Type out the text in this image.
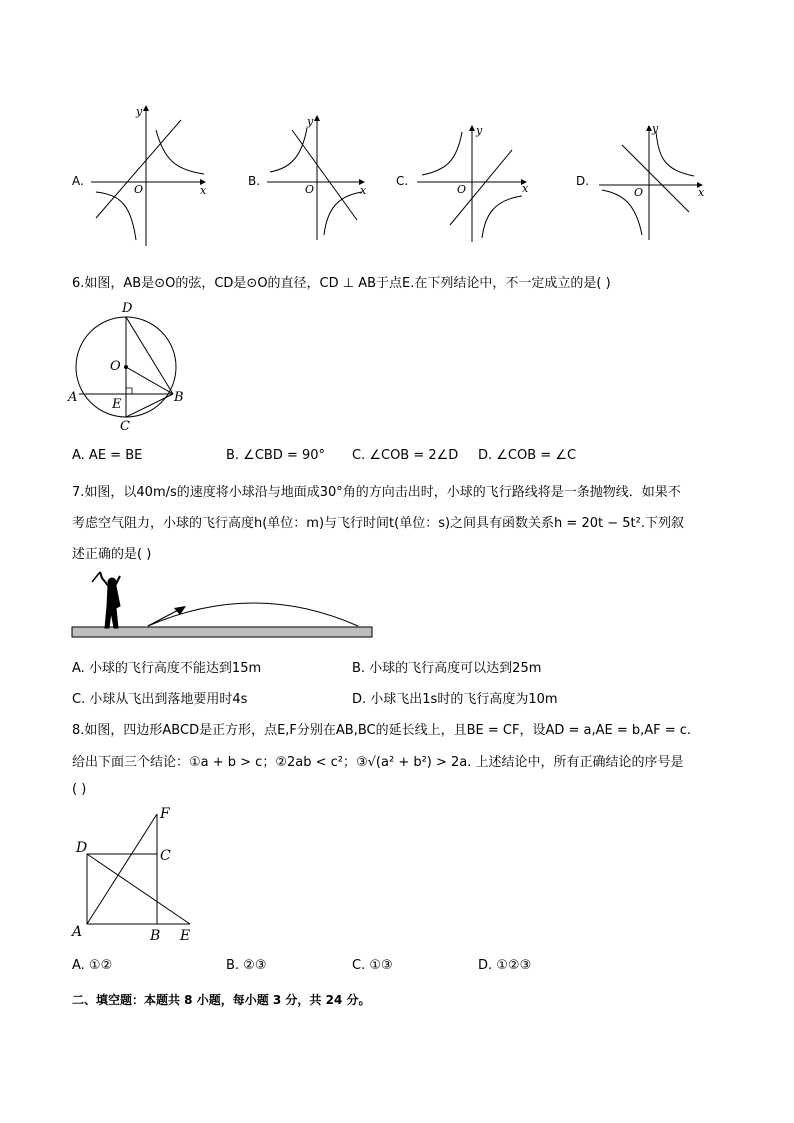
A.
y
x
O
B.
y
x
O
C.
y
x
O
D.
y
x
O
6.如图，AB是⊙O的弦，CD是⊙O的直径，CD ⊥ AB于点E.在下列结论中，不一定成立的是( )
D
O
A	E	B
C
A. AE = BE	B. ∠CBD = 90° C. ∠COB = 2∠D D. ∠COB = ∠C
7.如图，以40m/s的速度将小球沿与地面成30°角的方向击出时，小球的飞行路线将是一条抛物线．如果不
考虑空气阻力，小球的飞行高度h(单位：m)与飞行时间t(单位：s)之间具有函数关系h = 20t − 5t².下列叙
述正确的是( )
A. 小球的飞行高度不能达到15m	B. 小球的飞行高度可以达到25m
C. 小球从飞出到落地要用时4s	D. 小球飞出1s时的飞行高度为10m
8.如图，四边形ABCD是正方形，点E,F分别在AB,BC的延长线上，且BE = CF，设AD = a,AE = b,AF = c.
给出下面三个结论：①a + b > c；②2ab < c²；③√(a² + b²) > 2a. 上述结论中，所有正确结论的序号是
( )
F
D	C
A	B E
A. ①②	B. ②③	C. ①③	D. ①②③
二、填空题：本题共 8 小题，每小题 3 分，共 24 分。
